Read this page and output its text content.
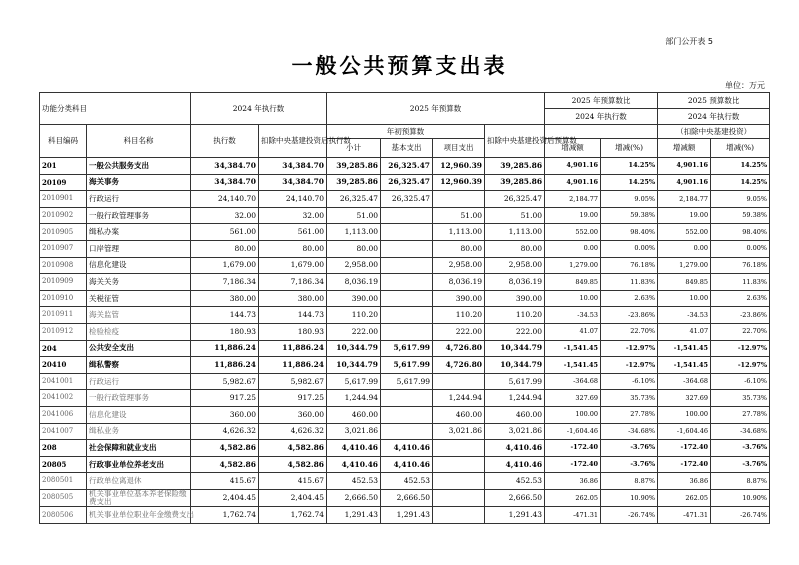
部门公开表 5
一般公共预算支出表
单位：万元
功能分类科目		2024 年执行数		2025 年预算数				2025 年预算数比		2025 预算数比	
								2024 年执行数		2024 年执行数	
科目编码	科目名称	执行数	扣除中央基建投资后执行数	年初预算数			扣除中央基建投资后预算数			（扣除中央基建投资）	
				小计	基本支出	项目支出		增减额	增减(%)	增减额	增减(%)

201	一般公共服务支出	34,384.70	34,384.70	39,285.86	26,325.47	12,960.39	39,285.86	4,901.16	14.25%	4,901.16	14.25%
20109	海关事务	34,384.70	34,384.70	39,285.86	26,325.47	12,960.39	39,285.86	4,901.16	14.25%	4,901.16	14.25%
2010901	行政运行	24,140.70	24,140.70	26,325.47	26,325.47		26,325.47	2,184.77	9.05%	2,184.77	9.05%
2010902	一般行政管理事务	32.00	32.00	51.00		51.00	51.00	19.00	59.38%	19.00	59.38%
2010905	缉私办案	561.00	561.00	1,113.00		1,113.00	1,113.00	552.00	98.40%	552.00	98.40%
2010907	口岸管理	80.00	80.00	80.00		80.00	80.00	0.00	0.00%	0.00	0.00%
2010908	信息化建设	1,679.00	1,679.00	2,958.00		2,958.00	2,958.00	1,279.00	76.18%	1,279.00	76.18%
2010909	海关关务	7,186.34	7,186.34	8,036.19		8,036.19	8,036.19	849.85	11.83%	849.85	11.83%
2010910	关税征管	380.00	380.00	390.00		390.00	390.00	10.00	2.63%	10.00	2.63%
2010911	海关监管	144.73	144.73	110.20		110.20	110.20	-34.53	-23.86%	-34.53	-23.86%
2010912	检验检疫	180.93	180.93	222.00		222.00	222.00	41.07	22.70%	41.07	22.70%
204	公共安全支出	11,886.24	11,886.24	10,344.79	5,617.99	4,726.80	10,344.79	-1,541.45	-12.97%	-1,541.45	-12.97%
20410	缉私警察	11,886.24	11,886.24	10,344.79	5,617.99	4,726.80	10,344.79	-1,541.45	-12.97%	-1,541.45	-12.97%
2041001	行政运行	5,982.67	5,982.67	5,617.99	5,617.99		5,617.99	-364.68	-6.10%	-364.68	-6.10%
2041002	一般行政管理事务	917.25	917.25	1,244.94		1,244.94	1,244.94	327.69	35.73%	327.69	35.73%
2041006	信息化建设	360.00	360.00	460.00		460.00	460.00	100.00	27.78%	100.00	27.78%
2041007	缉私业务	4,626.32	4,626.32	3,021.86		3,021.86	3,021.86	-1,604.46	-34.68%	-1,604.46	-34.68%
208	社会保障和就业支出	4,582.86	4,582.86	4,410.46	4,410.46		4,410.46	-172.40	-3.76%	-172.40	-3.76%
20805	行政事业单位养老支出	4,582.86	4,582.86	4,410.46	4,410.46		4,410.46	-172.40	-3.76%	-172.40	-3.76%
2080501	行政单位离退休	415.67	415.67	452.53	452.53		452.53	36.86	8.87%	36.86	8.87%
2080505	机关事业单位基本养老保险缴费支出	2,404.45	2,404.45	2,666.50	2,666.50		2,666.50	262.05	10.90%	262.05	10.90%
2080506	机关事业单位职业年金缴费支出	1,762.74	1,762.74	1,291.43	1,291.43		1,291.43	-471.31	-26.74%	-471.31	-26.74%
